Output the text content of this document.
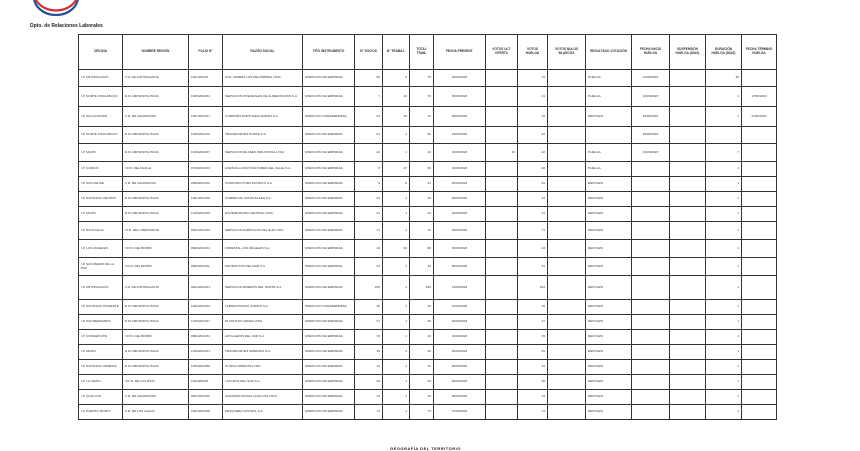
Dpto. de Relaciones Laborales
OFICINA	NOMBRE REGIÓN	FOLIO N°	RAZÓN SOCIAL	TIPO INSTRUMENTO	N° SOCIOS	N° TRABAJ.	TOTAL TRAB.	FECHA PRESENT.	VOTOS ULT. OFERTA	VOTOS HUELGA	VOTOS NULOS BLANCOS	RESULTADO VOTACIÓN	FECHA INICIO HUELGA	SUSPENSIÓN HUELGA (DÍAS)	DURACIÓN HUELGA (DÍAS)	FECHA TÉRMINO HUELGA
I.P. ANTOFAGASTA	II R. DE ANTOFAGASTA	1401/2023/3	SOC. MINERA LOS PELAMBRES LTDA.	SINDICATO DE EMPRESA	56	5	75	25/04/2023		79		HUELGA	07/05/2023		36	
I.P. NORTE CHACABUCO	R.M. METROPOLITANA	1305/2023/64	SERVICIOS INTEGRALES DE ALIMENTACIÓN S.A.	SINDICATO DE EMPRESA	7	16	70	05/05/2023		21		HUELGA	16/05/2023		1	17/05/2023
I.P. SAN ANTONIO	V R. DE VALPARAÍSO	1507/2023/37	COMPAÑÍA PORTUARIA ANDINA S.A.	SINDICATO INTEREMPRESA	53	16	70	09/05/2023		15		RECHAZO	16/05/2023		1	17/05/2023
I.P. NORTE CHACABUCO	R.M. METROPOLITANA	1305/2023/72	TRANSPORTES NORTE S.A.	SINDICATO DE EMPRESA	51	1	52	19/05/2023		52			29/05/2023			
I.P. MAIPÚ	R.M. METROPOLITANA	1319/2023/27	SERVICIOS DE ASEO INDUSTRIAL LTDA.	SINDICATO DE EMPRESA	42	1	43	19/05/2023	10	42		HUELGA	31/05/2023		7	
I.P. CURICÓ	VII R. DEL MAULE	0703/2023/10	AGRÍCOLA FRUTICULTORES DEL VALLE S.A.	SINDICATO DE EMPRESA	8	27	65	24/05/2023		28		HUELGA			1	
I.P. SAN FELIPE	V R. DE VALPARAÍSO	0508/2023/19	CONSTRUCTORA PACÍFICO S.A.	SINDICATO DE EMPRESA	5	8	41	25/05/2023		49		RECHAZO			1	
I.P. SANTIAGO CENTRO	R.M. METROPOLITANA	1301/2023/49	COMERCIAL SANTA ELENA S.A.	SINDICATO DE EMPRESA	44	1	45	25/05/2023		44		RECHAZO			1	
I.P. MAIPÚ	R.M. METROPOLITANA	1319/2023/29	DISTRIBUIDORA CENTRAL LTDA.	SINDICATO DE EMPRESA	41	1	42	26/05/2023		41		RECHAZO			1	
I.P. RANCAGUA	VI R. DEL LIBERTADOR	0601/2023/23	SERVICIOS AGRÍCOLAS DEL SUR LTDA.	SINDICATO DE EMPRESA	71	1	72	29/05/2023		71		RECHAZO			1	
I.P. LOS ÁNGELES	VIII R. DEL BIOBÍO	0802/2023/14	FORESTAL LOS ÁNGELES S.A.	SINDICATO DE EMPRESA	16	64	80	30/05/2023		23		RECHAZO			1	
I.P. SAN PEDRO DE LA PAZ	VIII R. DEL BIOBÍO	0803/2023/11	PRODUCTOS DEL MAR S.A.	SINDICATO DE EMPRESA	33	1	34	30/05/2023		31		RECHAZO			1	
I.P. ANTOFAGASTA	II R. DE ANTOFAGASTA	0201/2023/21	SERVICIOS MINEROS DEL NORTE S.A.	SINDICATO DE EMPRESA	165	1	166	31/05/2023		163		RECHAZO			1	
I.P. SANTIAGO PONIENTE	R.M. METROPOLITANA	1302/2023/44	LABORATORIOS UNIDOS S.A.	SINDICATO INTEREMPRESA	45	1	46	01/06/2023		45		RECHAZO			1	
I.P. SAN BERNARDO	R.M. METROPOLITANA	1315/2023/17	PLÁSTICOS ANDES LTDA.	SINDICATO DE EMPRESA	27	1	28	02/06/2023		27		RECHAZO			1	
I.P. CONCEPCIÓN	VIII R. DEL BIOBÍO	0801/2023/34	ASTILLEROS DEL SUR S.A.	SINDICATO DE EMPRESA	15	1	16	02/06/2023		15		RECHAZO			1	
I.P. MAIPÚ	R.M. METROPOLITANA	1319/2023/31	TRANSPORTES URBANOS S.A.	SINDICATO DE EMPRESA	39	1	40	05/06/2023		39		RECHAZO			1	
I.P. SANTIAGO ORIENTE	R.M. METROPOLITANA	1303/2023/58	CLÍNICA ORIENTE LTDA.	SINDICATO DE EMPRESA	11	1	12	05/06/2023		11		RECHAZO			1	
I.P. LA UNIÓN	XIV R. DE LOS RÍOS	1404/2023/6	LÁCTEOS DEL SUR S.A.	SINDICATO DE EMPRESA	48	1	49	06/06/2023		48		RECHAZO			1	
I.P. QUILLOTA	V R. DE VALPARAÍSO	0507/2023/12	AGROINDUSTRIAL QUILLOTA LTDA.	SINDICATO DE EMPRESA	14	1	15	06/06/2023		14		RECHAZO			1	
I.P. PUERTO MONTT	X R. DE LOS LAGOS	1001/2023/28	PESQUERA AUSTRAL S.A.	SINDICATO DE EMPRESA	74	1	75	07/06/2023		74		RECHAZO			1	
GEOGRAFÍA DEL TERRITORIO
